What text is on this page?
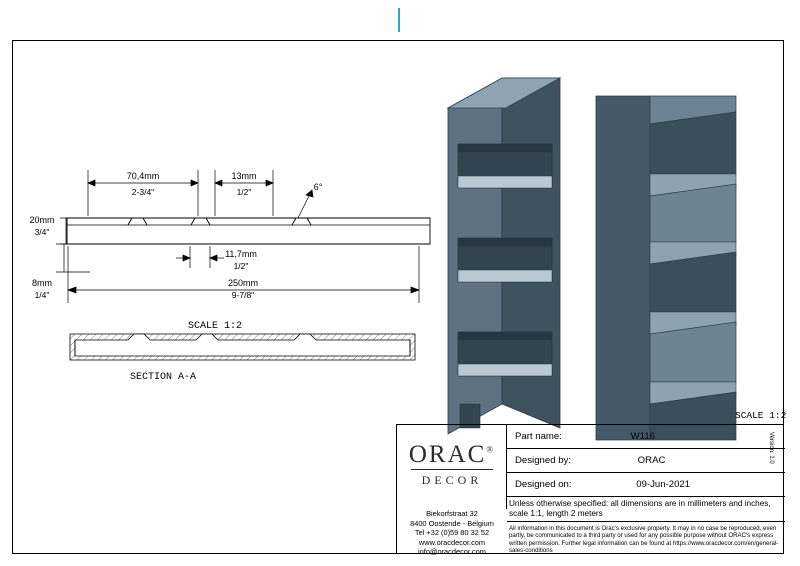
70,4mm
2-3/4"
13mm
1/2"	6°
20mm
3/4"
11,7mm
1/2"
8mm
1/4"
250mm
9-7/8"
SCALE 1:2
SECTION A-A
SCALE 1:2
ORAC®
DECOR
Biekorfstraat 32
8400 Oostende - Belgium
Tel +32 (0)59 80 32 52
www.oracdecor.com
info@oracdecor.com
Part name:	W116
Designed by:	ORAC
Designed on:	09-Jun-2021
Unless otherwise specified: all dimensions are in millimeters and inches, scale 1:1, length 2 meters
All information in this document is Orac's exclusive property. It may in no case be reproduced, even partly, be communicated to a third party or used for any possible purpose without ORAC's express written permission. Further legal information can be found at https://www.oracdecor.com/en/general-sales-conditions
Version: 1.0
